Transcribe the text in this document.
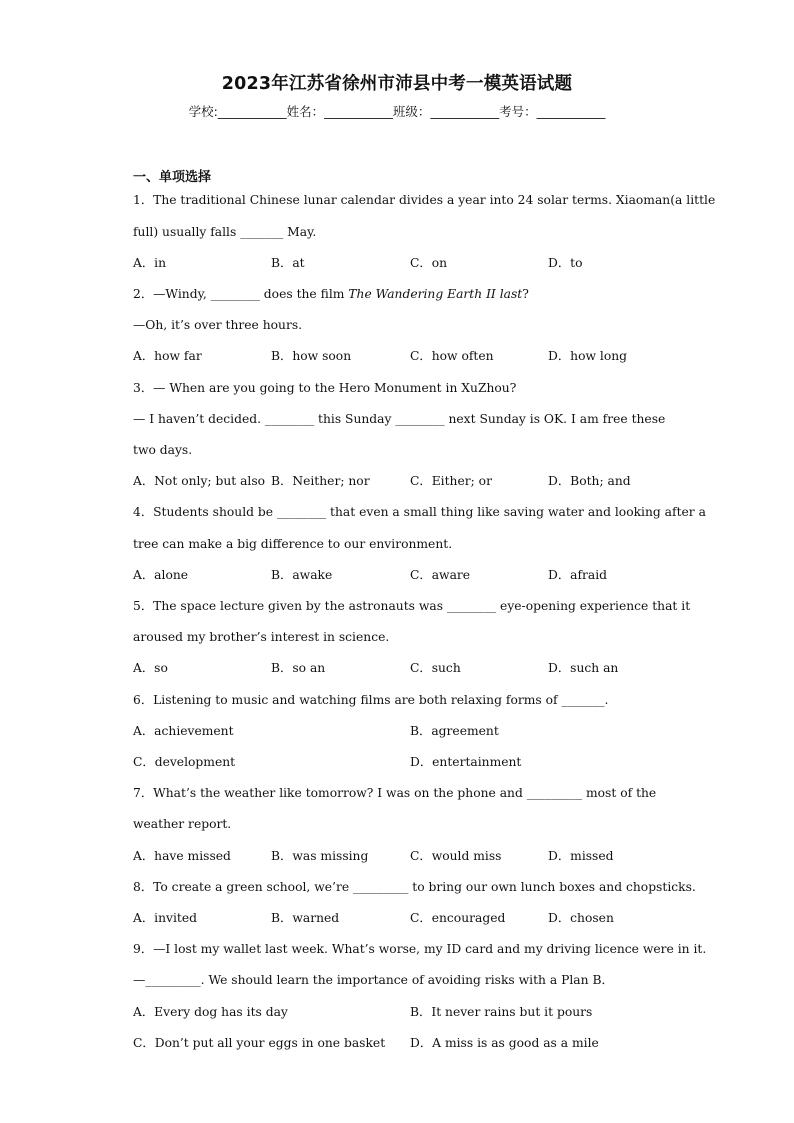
2023年江苏省徐州市沛县中考一模英语试题
学校:___________姓名：___________班级：___________考号：___________
一、单项选择
1．The traditional Chinese lunar calendar divides a year into 24 solar terms. Xiaoman(a little
full) usually falls _______ May.
A．in	B．at	C．on	D．to
2．—Windy, ________ does the film The Wandering Earth II last?
—Oh, it’s over three hours.
A．how far	B．how soon	C．how often	D．how long
3．— When are you going to the Hero Monument in XuZhou?
— I haven’t decided. ________ this Sunday ________ next Sunday is OK. I am free these
two days.
A．Not only; but also B．Neither; nor	C．Either; or	D．Both; and
4．Students should be ________ that even a small thing like saving water and looking after a
tree can make a big difference to our environment.
A．alone	B．awake	C．aware	D．afraid
5．The space lecture given by the astronauts was ________ eye-opening experience that it
aroused my brother’s interest in science.
A．so	B．so an	C．such	D．such an
6．Listening to music and watching films are both relaxing forms of _______.
A．achievement	B．agreement
C．development	D．entertainment
7．What’s the weather like tomorrow? I was on the phone and _________ most of the
weather report.
A．have missed	B．was missing	C．would miss	D．missed
8．To create a green school, we’re _________ to bring our own lunch boxes and chopsticks.
A．invited	B．warned	C．encouraged	D．chosen
9．—I lost my wallet last week. What’s worse, my ID card and my driving licence were in it.
—_________. We should learn the importance of avoiding risks with a Plan B．
A．Every dog has its day	B．It never rains but it pours
C．Don’t put all your eggs in one basket D．A miss is as good as a mile
